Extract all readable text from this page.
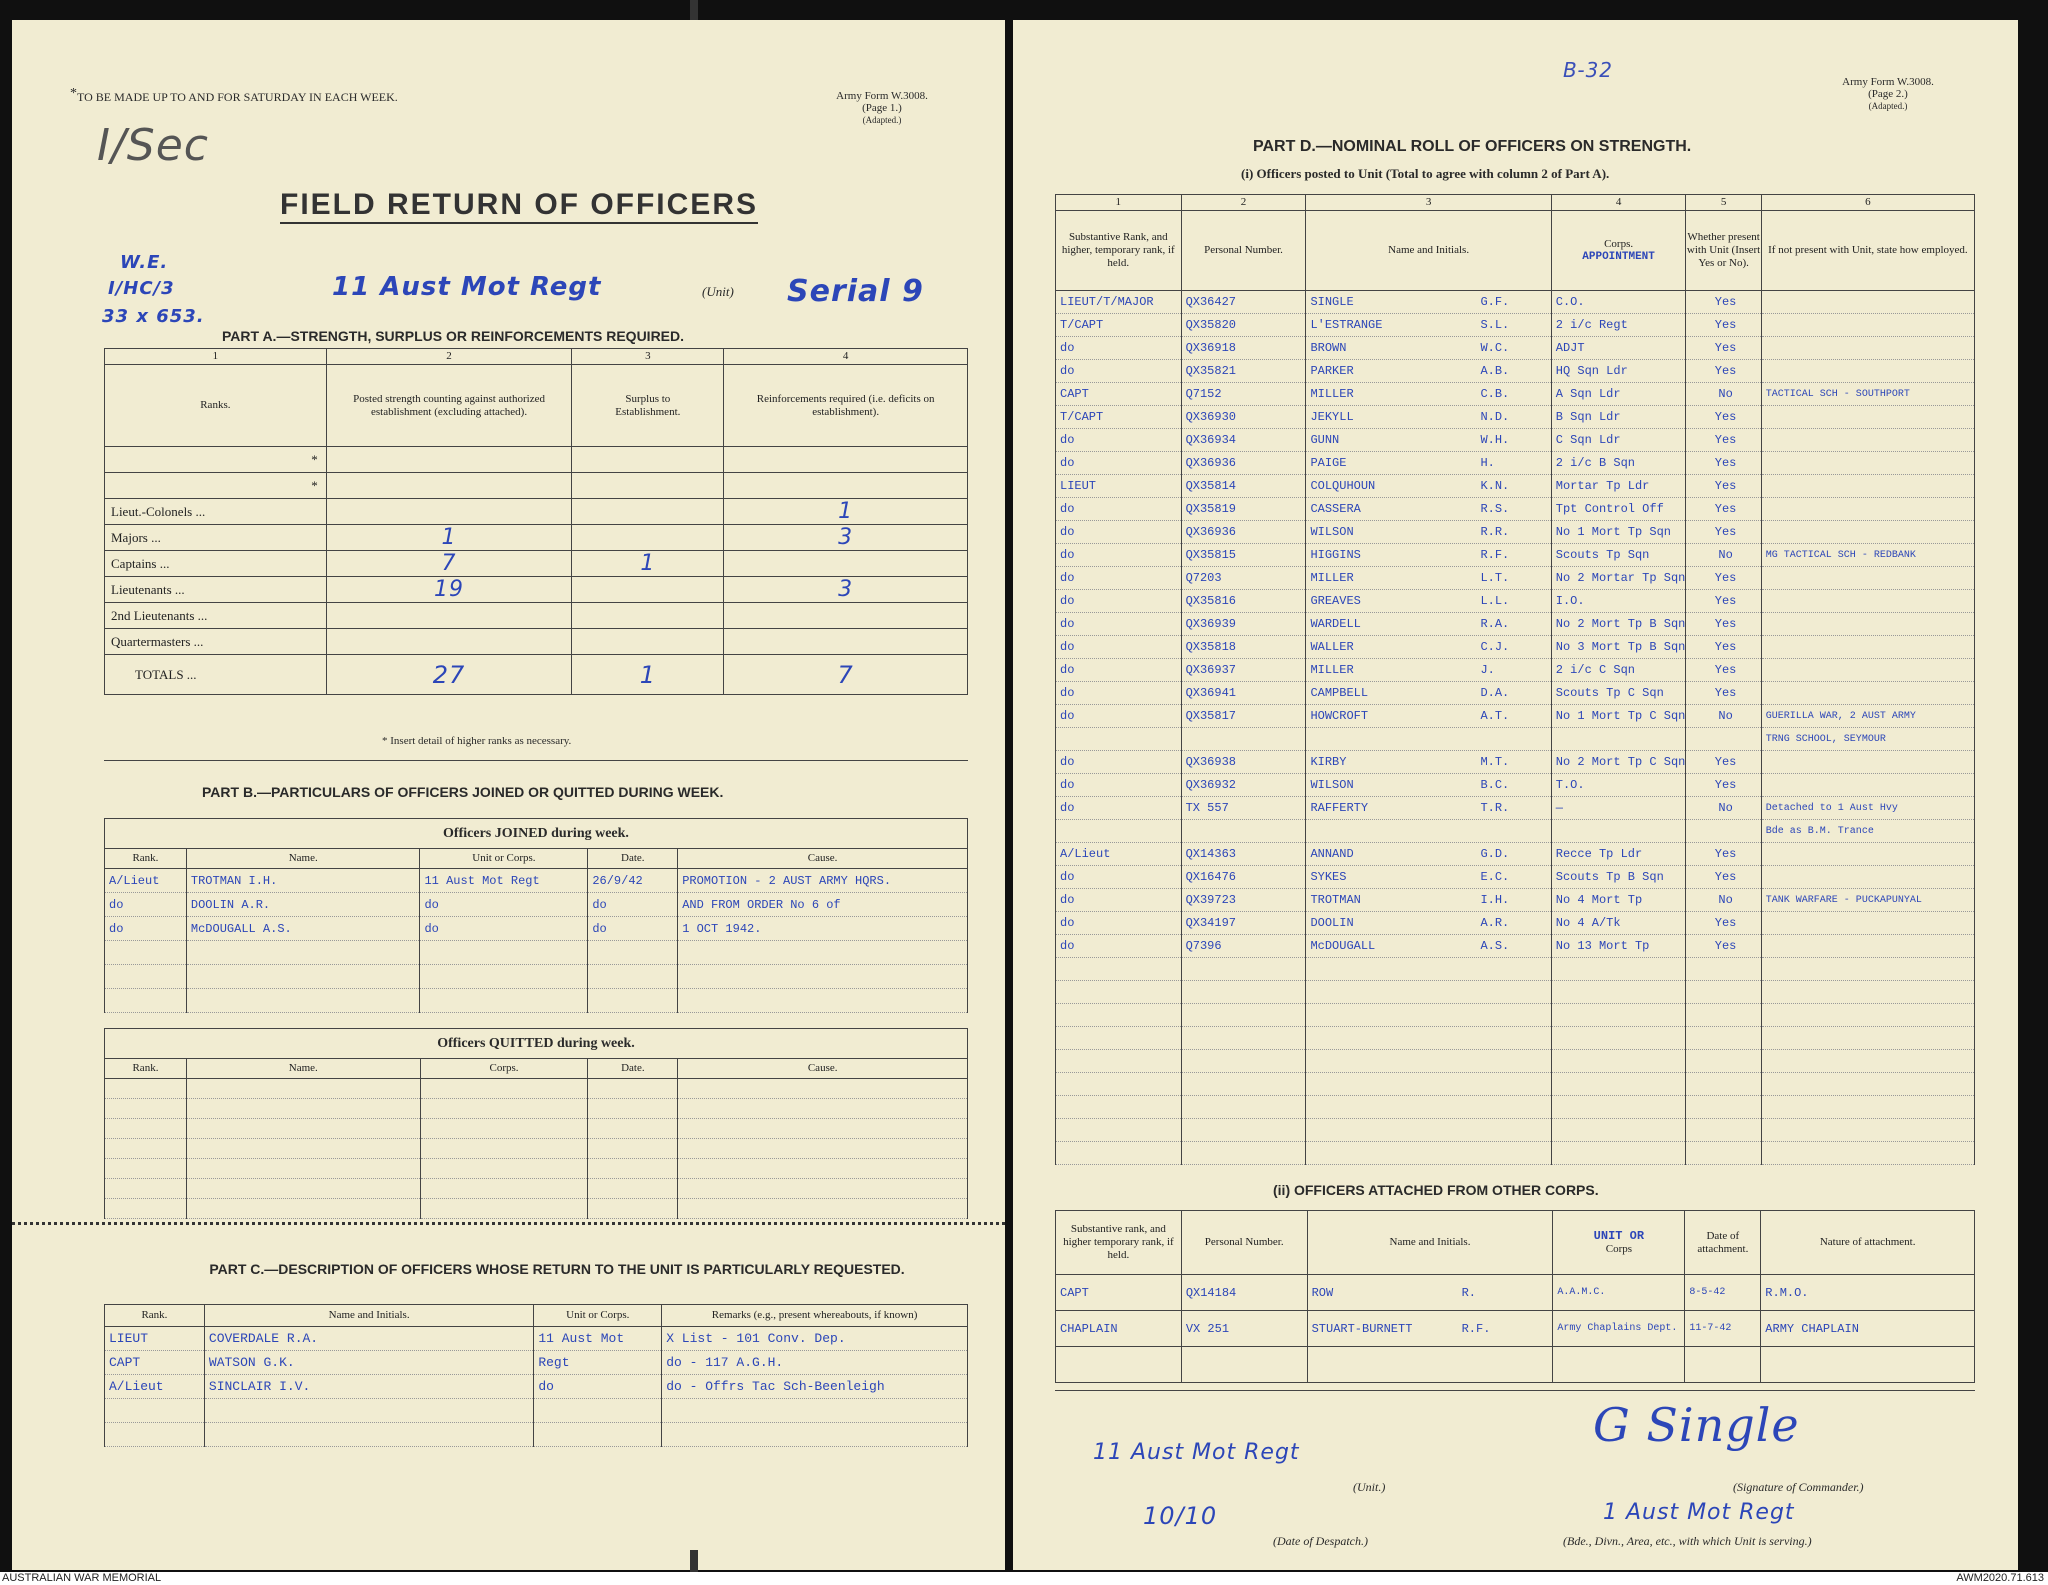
TO BE MADE UP TO AND FOR SATURDAY IN EACH WEEK.
*	Army Form W.3008.
(Page 1.)
(Adapted.)
I/Sec
FIELD RETURN OF OFFICERS
W.E.
I/HC/3
33 x 653.
11 Aust Mot Regt	(Unit) Serial 9
PART A.—STRENGTH, SURPLUS OR REINFORCEMENTS REQUIRED.
1	2	3	4
Ranks.	Posted strength counting against authorized establishment (excluding attached).	Surplus to Establishment.	Reinforcements required (i.e. deficits on establishment).
*			
*			
Lieut.-Colonels ...			1
Majors ...	1		3
Captains ...	7	1	
Lieutenants ...	19		3
2nd Lieutenants ...			
Quartermasters ...			
TOTALS ...	27	1	7
* Insert detail of higher ranks as necessary.
PART B.—PARTICULARS OF OFFICERS JOINED OR QUITTED DURING WEEK.
Officers JOINED during week.				
Rank.	Name.	Unit or Corps.	Date.	Cause.
A/Lieut	TROTMAN I.H.	11 Aust Mot Regt	26/9/42	PROMOTION - 2 AUST ARMY HQRS.
do	DOOLIN A.R.	do	do	AND FROM ORDER No 6 of
do	McDOUGALL A.S.	do	do	1 OCT 1942.

Officers QUITTED during week.				
Rank.	Name.	Corps.	Date.	Cause.

PART C.—DESCRIPTION OF OFFICERS WHOSE RETURN TO THE UNIT IS PARTICULARLY REQUESTED.
Rank.	Name and Initials.	Unit or Corps.	Remarks (e.g., present whereabouts, if known)
LIEUT	COVERDALE R.A.	11 Aust Mot	X List - 101 Conv. Dep.
CAPT	WATSON G.K.	Regt	do - 117 A.G.H.
A/Lieut	SINCLAIR I.V.	do	do - Offrs Tac Sch-Beenleigh

B-32	Army Form W.3008.
(Page 2.)
(Adapted.)
PART D.—NOMINAL ROLL OF OFFICERS ON STRENGTH.
(i) Officers posted to Unit (Total to agree with column 2 of Part A).
1	2	3	4	5	6
Substantive Rank, and higher, temporary rank, if held.	Personal Number.	Name and Initials.	Corps.
APPOINTMENT	Whether present with Unit (Insert Yes or No).	If not present with Unit, state how employed.
LIEUT/T/MAJOR	QX36427	SINGLE G.F.	C.O.	Yes	
T/CAPT	QX35820	L'ESTRANGE S.L.	2 i/c Regt	Yes	
do	QX36918	BROWN W.C.	ADJT	Yes	
do	QX35821	PARKER A.B.	HQ Sqn Ldr	Yes	
CAPT	Q7152	MILLER C.B.	A Sqn Ldr	No	TACTICAL SCH - SOUTHPORT
T/CAPT	QX36930	JEKYLL N.D.	B Sqn Ldr	Yes	
do	QX36934	GUNN W.H.	C Sqn Ldr	Yes	
do	QX36936	PAIGE H.	2 i/c B Sqn	Yes	
LIEUT	QX35814	COLQUHOUN K.N.	Mortar Tp Ldr	Yes	
do	QX35819	CASSERA R.S.	Tpt Control Off	Yes	
do	QX36936	WILSON R.R.	No 1 Mort Tp Sqn	Yes	
do	QX35815	HIGGINS R.F.	Scouts Tp Sqn	No	MG TACTICAL SCH - REDBANK
do	Q7203	MILLER L.T.	No 2 Mortar Tp Sqn	Yes	
do	QX35816	GREAVES L.L.	I.O.	Yes	
do	QX36939	WARDELL R.A.	No 2 Mort Tp B Sqn	Yes	
do	QX35818	WALLER C.J.	No 3 Mort Tp B Sqn	Yes	
do	QX36937	MILLER J.	2 i/c C Sqn	Yes	
do	QX36941	CAMPBELL D.A.	Scouts Tp C Sqn	Yes	
do	QX35817	HOWCROFT A.T.	No 1 Mort Tp C Sqn	No	GUERILLA WAR, 2 AUST ARMY
					TRNG SCHOOL, SEYMOUR
do	QX36938	KIRBY M.T.	No 2 Mort Tp C Sqn	Yes	
do	QX36932	WILSON B.C.	T.O.	Yes	
do	TX 557	RAFFERTY T.R.	—	No	Detached to 1 Aust Hvy
					Bde as B.M. Trance
A/Lieut	QX14363	ANNAND G.D.	Recce Tp Ldr	Yes	
do	QX16476	SYKES E.C.	Scouts Tp B Sqn	Yes	
do	QX39723	TROTMAN I.H.	No 4 Mort Tp	No	TANK WARFARE - PUCKAPUNYAL
do	QX34197	DOOLIN A.R.	No 4 A/Tk	Yes	
do	Q7396	McDOUGALL A.S.	No 13 Mort Tp	Yes	

(ii) OFFICERS ATTACHED FROM OTHER CORPS.
Substantive rank, and higher temporary rank, if held.	Personal Number.	Name and Initials.	UNIT OR
Corps	Date of attachment.	Nature of attachment.
CAPT	QX14184	ROW R.	A.A.M.C.	8-5-42	R.M.O.
CHAPLAIN	VX 251	STUART-BURNETT R.F.	Army Chaplains Dept.	11-7-42	ARMY CHAPLAIN

11 Aust Mot Regt
(Unit.)
G Single
(Signature of Commander.)
10/10
(Date of Despatch.)
1 Aust Mot Regt
(Bde., Divn., Area, etc., with which Unit is serving.)
AUSTRALIAN WAR MEMORIAL	AWM2020.71.613
